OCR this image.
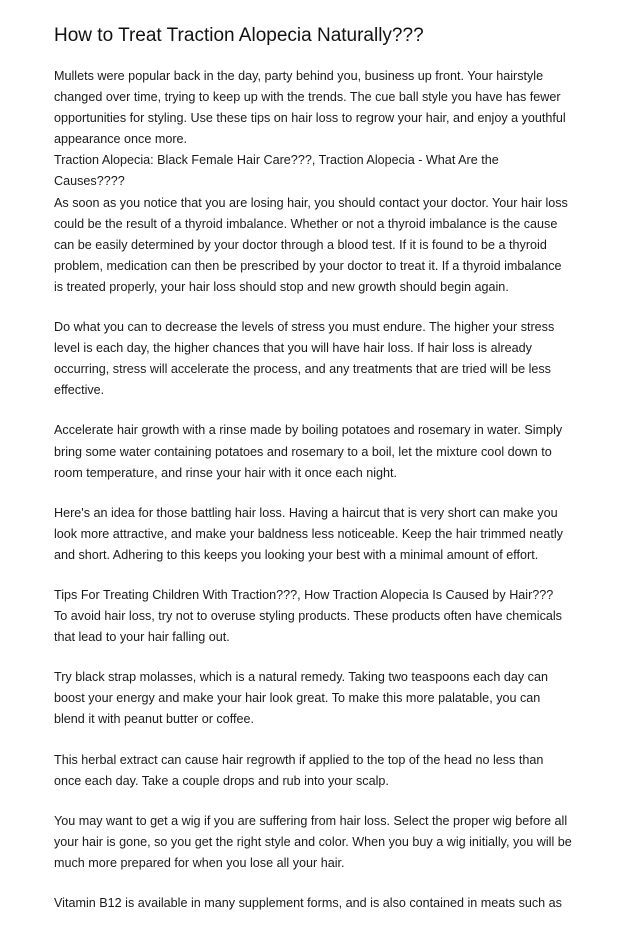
How to Treat Traction Alopecia Naturally???

Mullets were popular back in the day, party behind you, business up front. Your hairstyle
changed over time, trying to keep up with the trends. The cue ball style you have has fewer
opportunities for styling. Use these tips on hair loss to regrow your hair, and enjoy a youthful
appearance once more.
Traction Alopecia: Black Female Hair Care???, Traction Alopecia - What Are the
Causes????
As soon as you notice that you are losing hair, you should contact your doctor. Your hair loss
could be the result of a thyroid imbalance. Whether or not a thyroid imbalance is the cause
can be easily determined by your doctor through a blood test. If it is found to be a thyroid
problem, medication can then be prescribed by your doctor to treat it. If a thyroid imbalance
is treated properly, your hair loss should stop and new growth should begin again.

Do what you can to decrease the levels of stress you must endure. The higher your stress
level is each day, the higher chances that you will have hair loss. If hair loss is already
occurring, stress will accelerate the process, and any treatments that are tried will be less
effective.

Accelerate hair growth with a rinse made by boiling potatoes and rosemary in water. Simply
bring some water containing potatoes and rosemary to a boil, let the mixture cool down to
room temperature, and rinse your hair with it once each night.

Here's an idea for those battling hair loss. Having a haircut that is very short can make you
look more attractive, and make your baldness less noticeable. Keep the hair trimmed neatly
and short. Adhering to this keeps you looking your best with a minimal amount of effort.

Tips For Treating Children With Traction???, How Traction Alopecia Is Caused by Hair???
To avoid hair loss, try not to overuse styling products. These products often have chemicals
that lead to your hair falling out.

Try black strap molasses, which is a natural remedy. Taking two teaspoons each day can
boost your energy and make your hair look great. To make this more palatable, you can
blend it with peanut butter or coffee.

This herbal extract can cause hair regrowth if applied to the top of the head no less than
once each day. Take a couple drops and rub into your scalp.

You may want to get a wig if you are suffering from hair loss. Select the proper wig before all
your hair is gone, so you get the right style and color. When you buy a wig initially, you will be
much more prepared for when you lose all your hair.

Vitamin B12 is available in many supplement forms, and is also contained in meats such as
